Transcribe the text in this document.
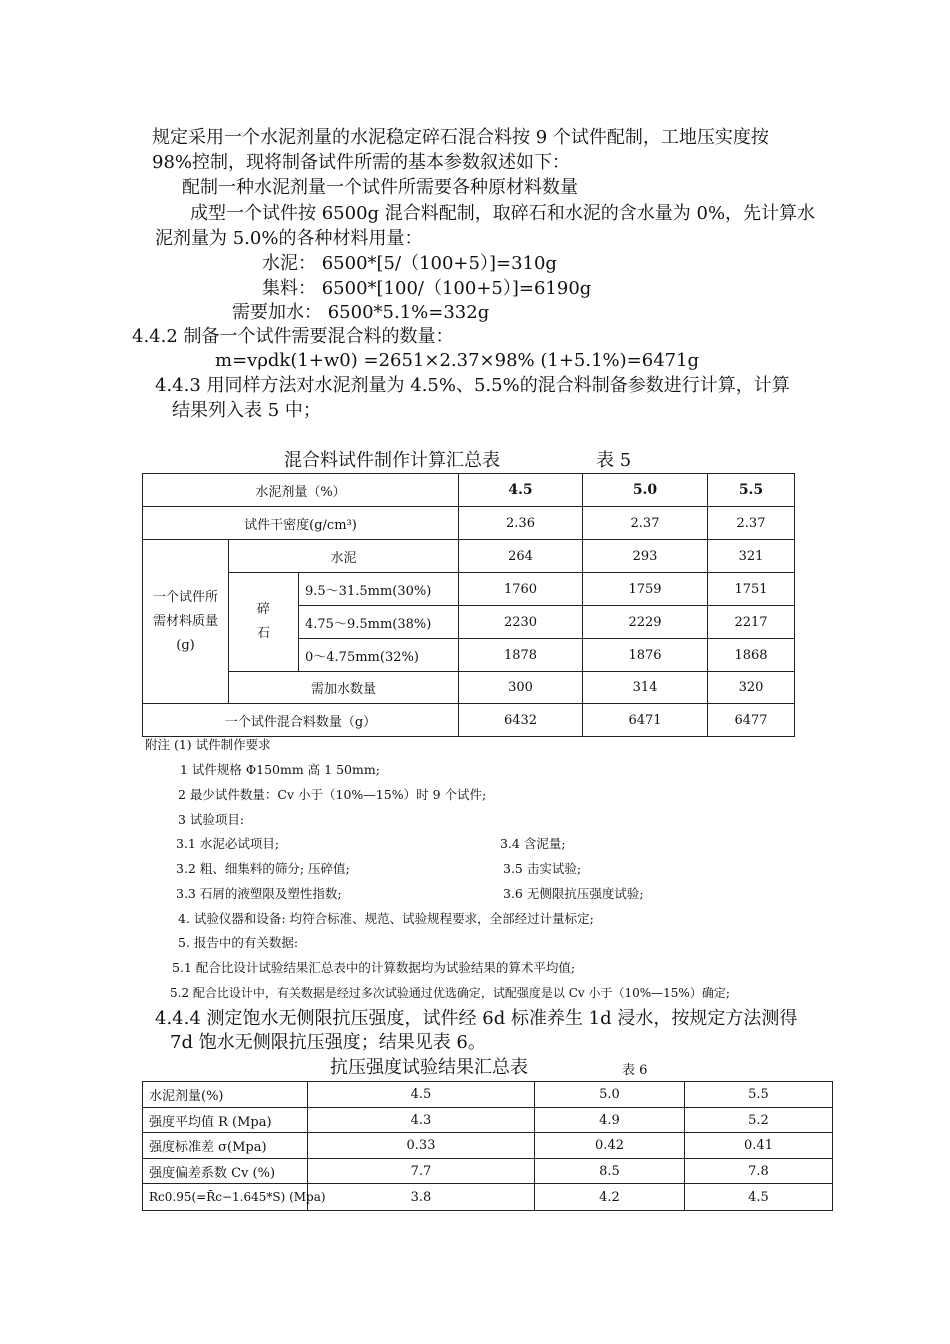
规定采用一个水泥剂量的水泥稳定碎石混合料按 9 个试件配制，工地压实度按
98%控制，现将制备试件所需的基本参数叙述如下：
配制一种水泥剂量一个试件所需要各种原材料数量
成型一个试件按 6500g 混合料配制，取碎石和水泥的含水量为 0%，先计算水
泥剂量为 5.0%的各种材料用量：
水泥： 6500*[5/（100+5）]=310g
集料： 6500*[100/（100+5）]=6190g
需要加水： 6500*5.1%=332g
4.4.2 制备一个试件需要混合料的数量：
m=vρdk(1+w0) =2651×2.37×98% (1+5.1%)=6471g
4.4.3 用同样方法对水泥剂量为 4.5%、5.5%的混合料制备参数进行计算，计算
结果列入表 5 中；
混合料试件制作计算汇总表	表 5
水泥剂量（%）			4.5	5.0	5.5
试件干密度(g/cm³)			2.36	2.37	2.37
一个试件所需材料质量(g)	水泥		264	293	321
	碎石	9.5～31.5mm(30%)	1760	1759	1751
		4.75～9.5mm(38%)	2230	2229	2217
		0～4.75mm(32%)	1878	1876	1868
	需加水数量		300	314	320
一个试件混合料数量（g）			6432	6471	6477
附注 (1) 试件制作要求
1 试件规格 Φ150mm 高 1 50mm;
2 最少试件数量：Cv 小于（10%—15%）时 9 个试件;
3 试验项目:
3.1 水泥必试项目;	3.4 含泥量;
3.2 粗、细集料的筛分; 压碎值;	3.5 击实试验;
3.3 石屑的液塑限及塑性指数;	3.6 无侧限抗压强度试验;
4. 试验仪器和设备: 均符合标准、规范、试验规程要求，全部经过计量标定;
5. 报告中的有关数据:
5.1 配合比设计试验结果汇总表中的计算数据均为试验结果的算术平均值;
5.2 配合比设计中，有关数据是经过多次试验通过优选确定，试配强度是以 Cv 小于（10%—15%）确定;
4.4.4 测定饱水无侧限抗压强度，试件经 6d 标准养生 1d 浸水，按规定方法测得
7d 饱水无侧限抗压强度；结果见表 6。
抗压强度试验结果汇总表	表 6
水泥剂量(%)	4.5	5.0	5.5
强度平均值 R (Mpa)	4.3	4.9	5.2
强度标准差 σ(Mpa)	0.33	0.42	0.41
强度偏差系数 Cv (%)	7.7	8.5	7.8
Rc0.95(=R̄c−1.645*S) (Mpa)	3.8	4.2	4.5
